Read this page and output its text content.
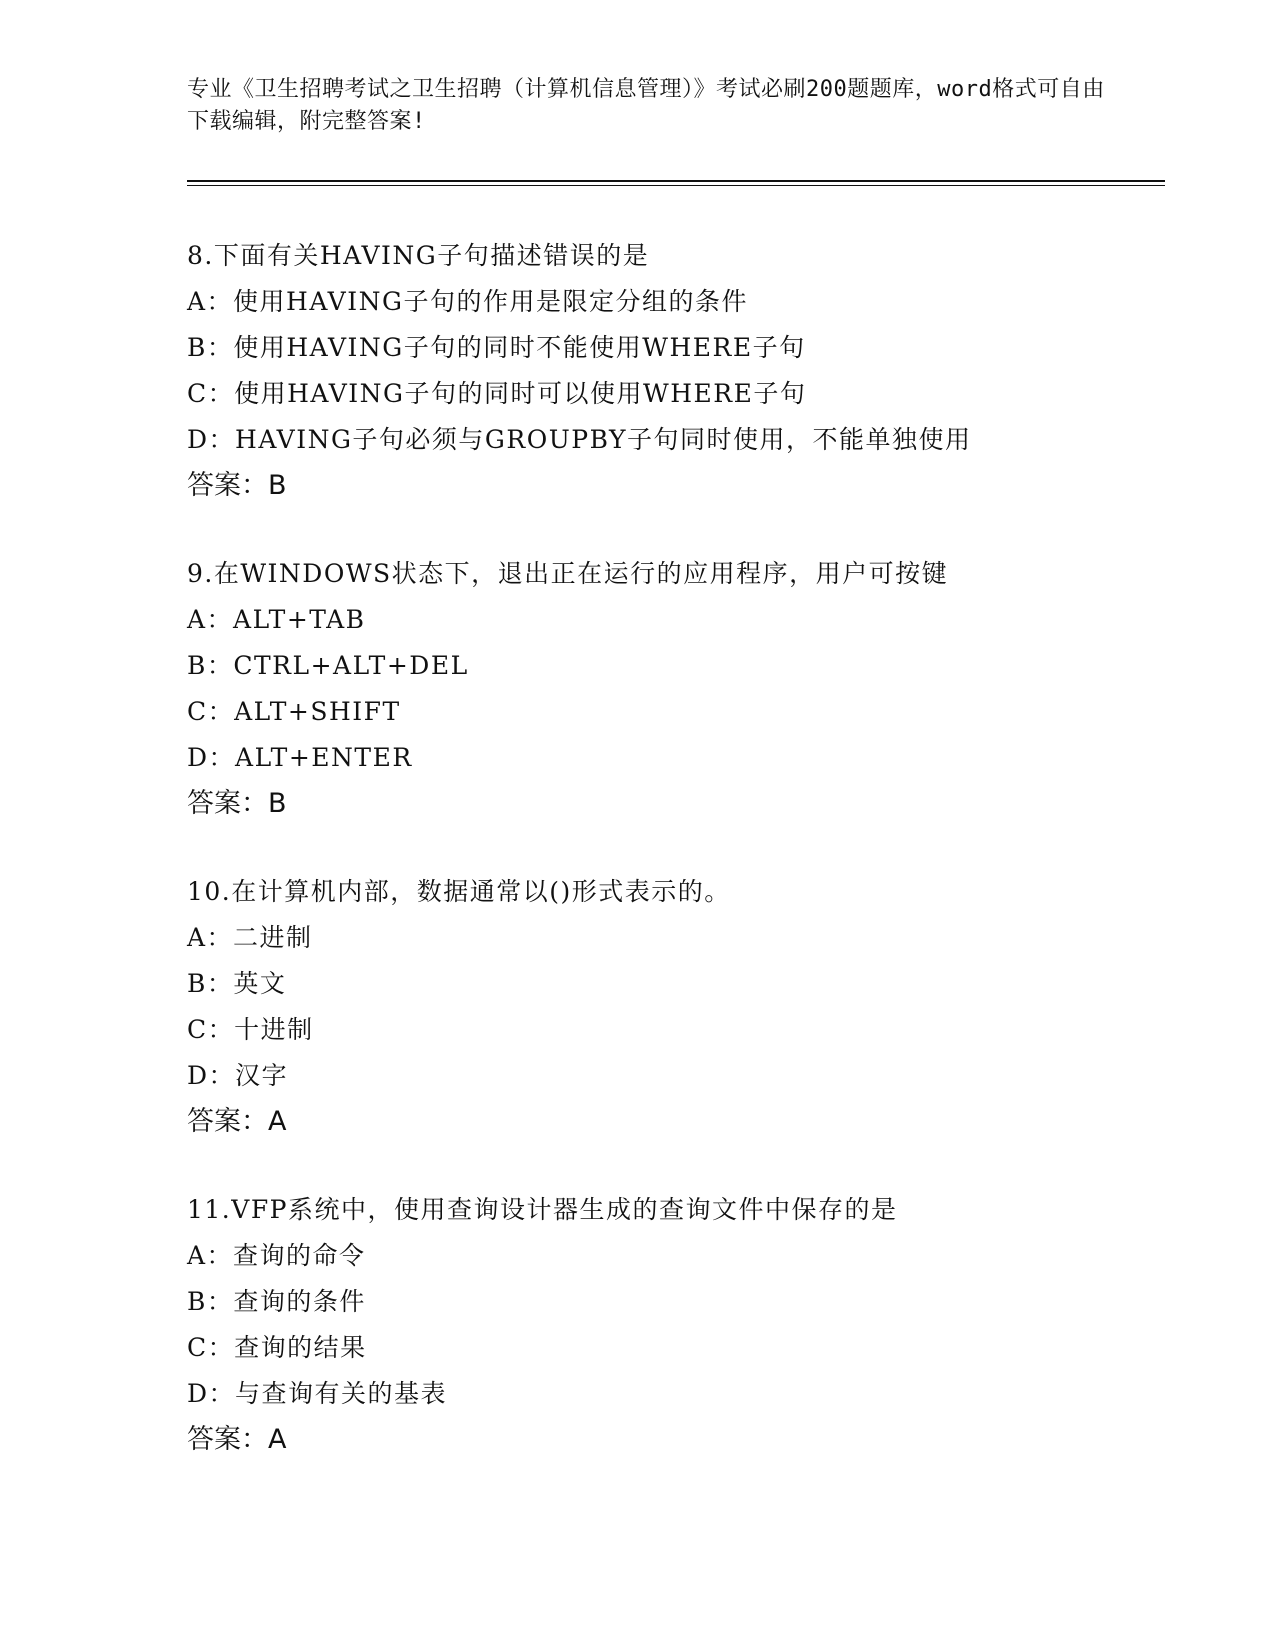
专业《卫生招聘考试之卫生招聘（计算机信息管理）》考试必刷200题题库，word格式可自由下载编辑，附完整答案!
8.下面有关HAVING子句描述错误的是
A：使用HAVING子句的作用是限定分组的条件
B：使用HAVING子句的同时不能使用WHERE子句
C：使用HAVING子句的同时可以使用WHERE子句
D：HAVING子句必须与GROUPBY子句同时使用，不能单独使用
答案：B
9.在WINDOWS状态下，退出正在运行的应用程序，用户可按键
A：ALT+TAB
B：CTRL+ALT+DEL
C：ALT+SHIFT
D：ALT+ENTER
答案：B
10.在计算机内部，数据通常以()形式表示的。
A：二进制
B：英文
C：十进制
D：汉字
答案：A
11.VFP系统中，使用查询设计器生成的查询文件中保存的是
A：查询的命令
B：查询的条件
C：查询的结果
D：与查询有关的基表
答案：A
